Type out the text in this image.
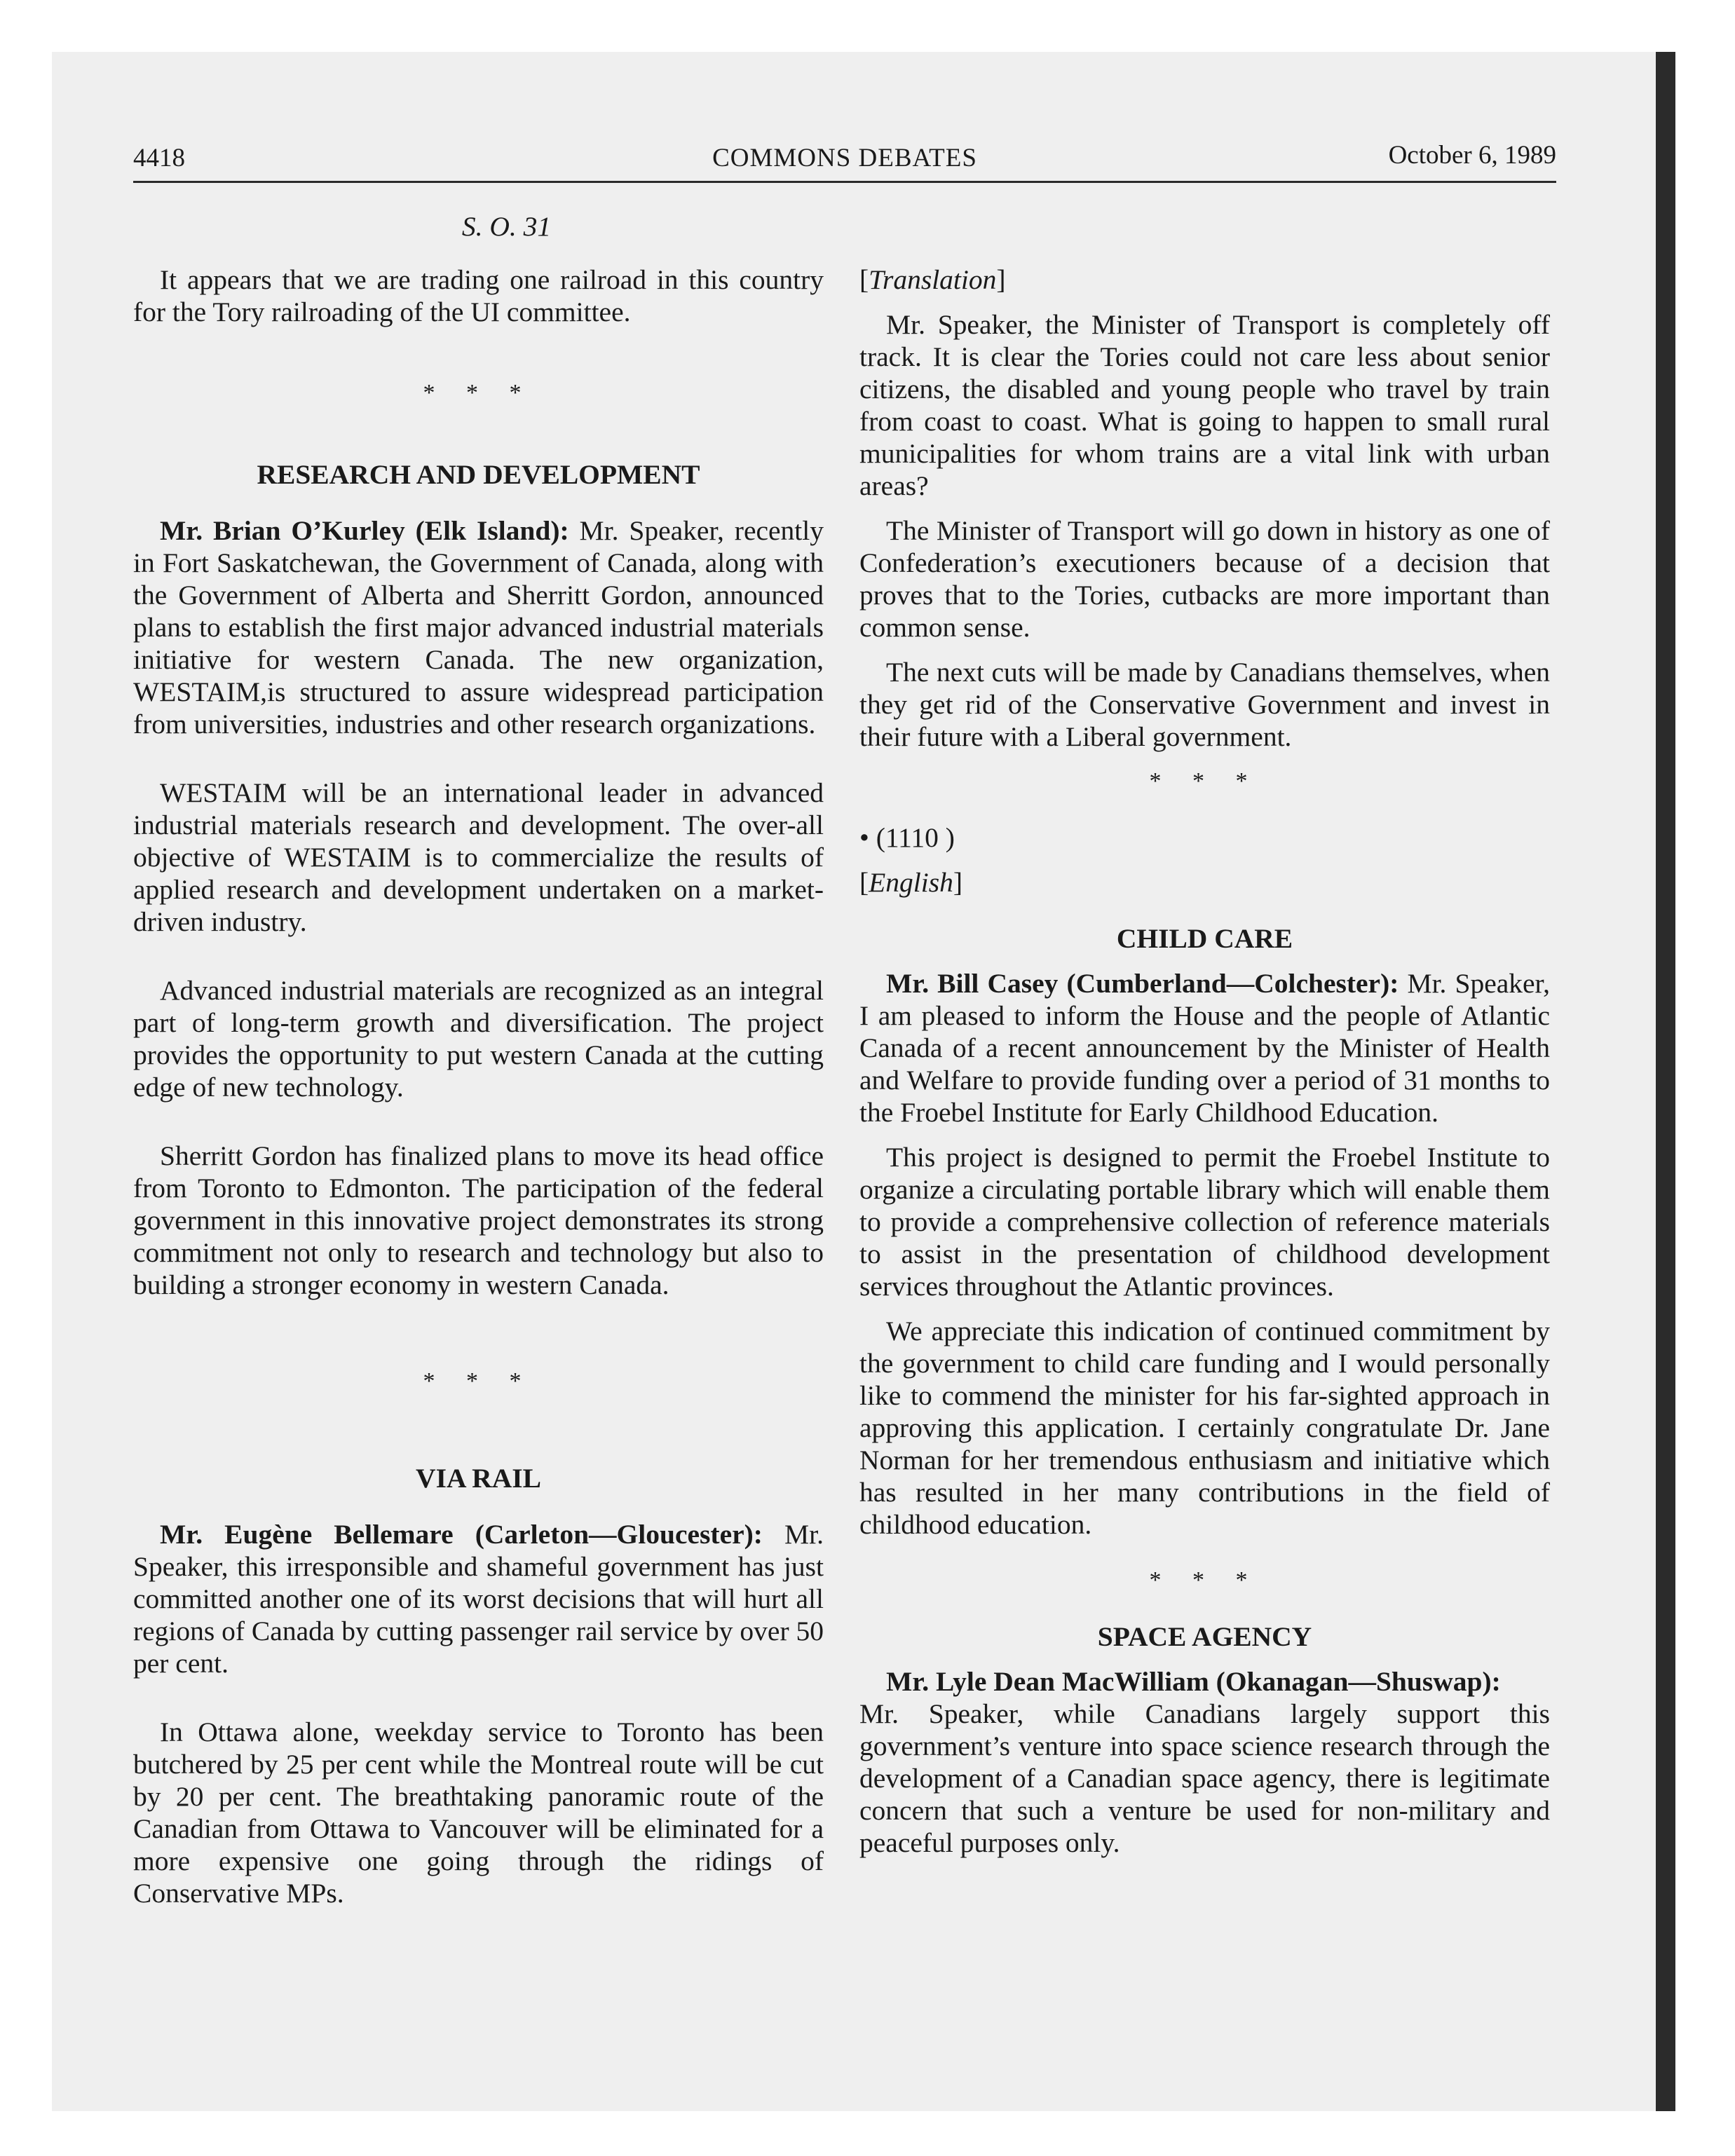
4418	COMMONS DEBATES	October 6, 1989

S. O. 31

It appears that we are trading one railroad in this country for the Tory railroading of the UI committee.

* * *

RESEARCH AND DEVELOPMENT

Mr. Brian O’Kurley (Elk Island): Mr. Speaker, recently in Fort Saskatchewan, the Government of Canada, along with the Government of Alberta and Sherritt Gordon, announced plans to establish the first major advanced industrial materials initiative for western Canada. The new organization, WESTAIM,is structured to assure widespread participation from universities, industries and other research organizations.

WESTAIM will be an international leader in advanced industrial materials research and development. The over-all objective of WESTAIM is to commercialize the results of applied research and development undertaken on a market-driven industry.

Advanced industrial materials are recognized as an integral part of long-term growth and diversification. The project provides the opportunity to put western Canada at the cutting edge of new technology.

Sherritt Gordon has finalized plans to move its head office from Toronto to Edmonton. The participation of the federal government in this innovative project demonstrates its strong commitment not only to research and technology but also to building a stronger economy in western Canada.

* * *

VIA RAIL

Mr. Eugène Bellemare (Carleton—Gloucester): Mr. Speaker, this irresponsible and shameful government has just committed another one of its worst decisions that will hurt all regions of Canada by cutting passenger rail service by over 50 per cent.

In Ottawa alone, weekday service to Toronto has been butchered by 25 per cent while the Montreal route will be cut by 20 per cent. The breathtaking panoramic route of the Canadian from Ottawa to Vancouver will be eliminated for a more expensive one going through the ridings of Conservative MPs.

[Translation]

Mr. Speaker, the Minister of Transport is completely off track. It is clear the Tories could not care less about senior citizens, the disabled and young people who travel by train from coast to coast. What is going to happen to small rural municipalities for whom trains are a vital link with urban areas?

The Minister of Transport will go down in history as one of Confederation’s executioners because of a decision that proves that to the Tories, cutbacks are more important than common sense.

The next cuts will be made by Canadians themselves, when they get rid of the Conservative Government and invest in their future with a Liberal government.

* * *

• (1110 )

[English]

CHILD CARE

Mr. Bill Casey (Cumberland—Colchester): Mr. Speaker, I am pleased to inform the House and the people of Atlantic Canada of a recent announcement by the Minister of Health and Welfare to provide funding over a period of 31 months to the Froebel Institute for Early Childhood Education.

This project is designed to permit the Froebel Institute to organize a circulating portable library which will enable them to provide a comprehensive collection of reference materials to assist in the presentation of childhood development services throughout the Atlantic provinces.

We appreciate this indication of continued commitment by the government to child care funding and I would personally like to commend the minister for his far-sighted approach in approving this application. I certainly congratulate Dr. Jane Norman for her tremendous enthusiasm and initiative which has resulted in her many contributions in the field of childhood education.

* * *

SPACE AGENCY

Mr. Lyle Dean MacWilliam (Okanagan—Shuswap):
Mr. Speaker, while Canadians largely support this government’s venture into space science research through the development of a Canadian space agency, there is legitimate concern that such a venture be used for non-military and peaceful purposes only.
